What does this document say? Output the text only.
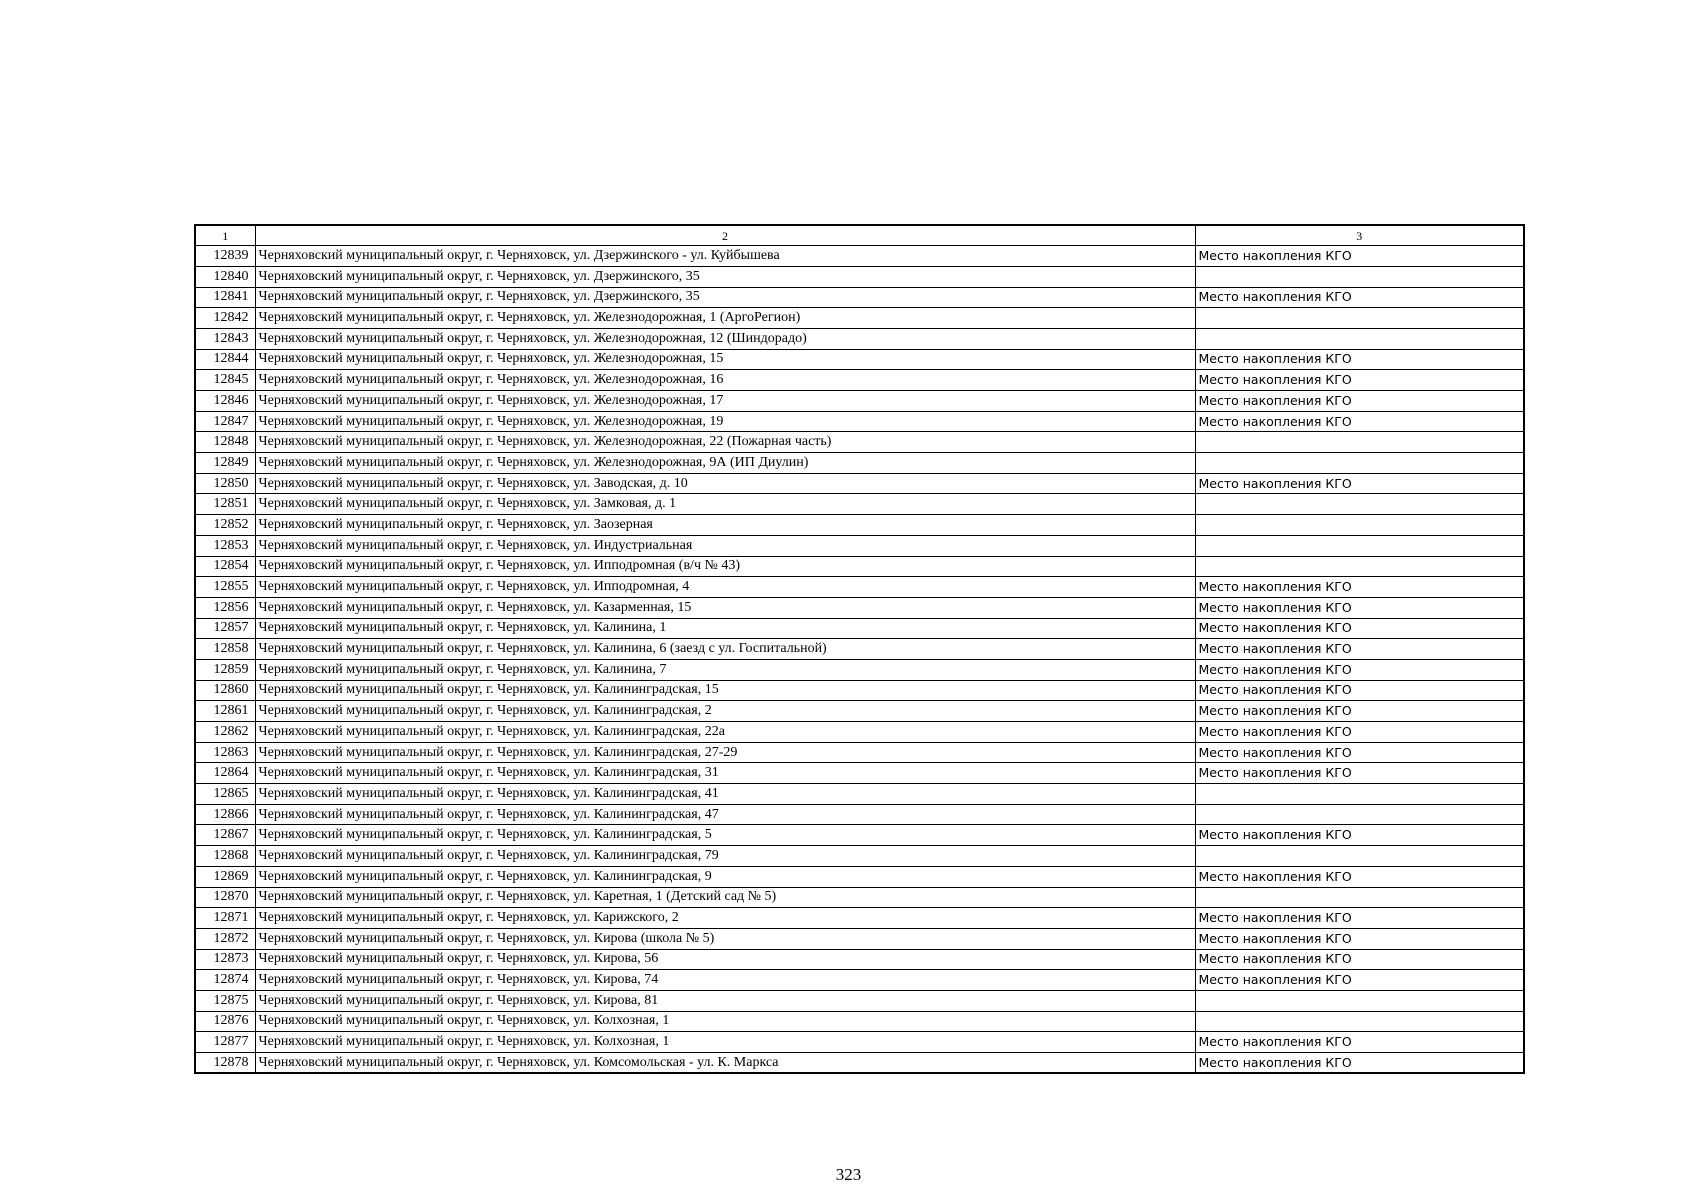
1	2	3
12839	Черняховский муниципальный округ, г. Черняховск, ул. Дзержинского - ул. Куйбышева	Место накопления КГО
12840	Черняховский муниципальный округ, г. Черняховск, ул. Дзержинского, 35	
12841	Черняховский муниципальный округ, г. Черняховск, ул. Дзержинского, 35	Место накопления КГО
12842	Черняховский муниципальный округ, г. Черняховск, ул. Железнодорожная, 1 (АргоРегион)	
12843	Черняховский муниципальный округ, г. Черняховск, ул. Железнодорожная, 12 (Шиндорадо)	
12844	Черняховский муниципальный округ, г. Черняховск, ул. Железнодорожная, 15	Место накопления КГО
12845	Черняховский муниципальный округ, г. Черняховск, ул. Железнодорожная, 16	Место накопления КГО
12846	Черняховский муниципальный округ, г. Черняховск, ул. Железнодорожная, 17	Место накопления КГО
12847	Черняховский муниципальный округ, г. Черняховск, ул. Железнодорожная, 19	Место накопления КГО
12848	Черняховский муниципальный округ, г. Черняховск, ул. Железнодорожная, 22 (Пожарная часть)	
12849	Черняховский муниципальный округ, г. Черняховск, ул. Железнодорожная, 9А (ИП Диулин)	
12850	Черняховский муниципальный округ, г. Черняховск, ул. Заводская, д. 10	Место накопления КГО
12851	Черняховский муниципальный округ, г. Черняховск, ул. Замковая, д. 1	
12852	Черняховский муниципальный округ, г. Черняховск, ул. Заозерная	
12853	Черняховский муниципальный округ, г. Черняховск, ул. Индустриальная	
12854	Черняховский муниципальный округ, г. Черняховск, ул. Ипподромная (в/ч № 43)	
12855	Черняховский муниципальный округ, г. Черняховск, ул. Ипподромная, 4	Место накопления КГО
12856	Черняховский муниципальный округ, г. Черняховск, ул. Казарменная, 15	Место накопления КГО
12857	Черняховский муниципальный округ, г. Черняховск, ул. Калинина, 1	Место накопления КГО
12858	Черняховский муниципальный округ, г. Черняховск, ул. Калинина, 6 (заезд с ул. Госпитальной)	Место накопления КГО
12859	Черняховский муниципальный округ, г. Черняховск, ул. Калинина, 7	Место накопления КГО
12860	Черняховский муниципальный округ, г. Черняховск, ул. Калининградская, 15	Место накопления КГО
12861	Черняховский муниципальный округ, г. Черняховск, ул. Калининградская, 2	Место накопления КГО
12862	Черняховский муниципальный округ, г. Черняховск, ул. Калининградская, 22а	Место накопления КГО
12863	Черняховский муниципальный округ, г. Черняховск, ул. Калининградская, 27-29	Место накопления КГО
12864	Черняховский муниципальный округ, г. Черняховск, ул. Калининградская, 31	Место накопления КГО
12865	Черняховский муниципальный округ, г. Черняховск, ул. Калининградская, 41	
12866	Черняховский муниципальный округ, г. Черняховск, ул. Калининградская, 47	
12867	Черняховский муниципальный округ, г. Черняховск, ул. Калининградская, 5	Место накопления КГО
12868	Черняховский муниципальный округ, г. Черняховск, ул. Калининградская, 79	
12869	Черняховский муниципальный округ, г. Черняховск, ул. Калининградская, 9	Место накопления КГО
12870	Черняховский муниципальный округ, г. Черняховск, ул. Каретная, 1 (Детский сад № 5)	
12871	Черняховский муниципальный округ, г. Черняховск, ул. Карижского, 2	Место накопления КГО
12872	Черняховский муниципальный округ, г. Черняховск, ул. Кирова (школа № 5)	Место накопления КГО
12873	Черняховский муниципальный округ, г. Черняховск, ул. Кирова, 56	Место накопления КГО
12874	Черняховский муниципальный округ, г. Черняховск, ул. Кирова, 74	Место накопления КГО
12875	Черняховский муниципальный округ, г. Черняховск, ул. Кирова, 81	
12876	Черняховский муниципальный округ, г. Черняховск, ул. Колхозная, 1	
12877	Черняховский муниципальный округ, г. Черняховск, ул. Колхозная, 1	Место накопления КГО
12878	Черняховский муниципальный округ, г. Черняховск, ул. Комсомольская - ул. К. Маркса	Место накопления КГО
323
